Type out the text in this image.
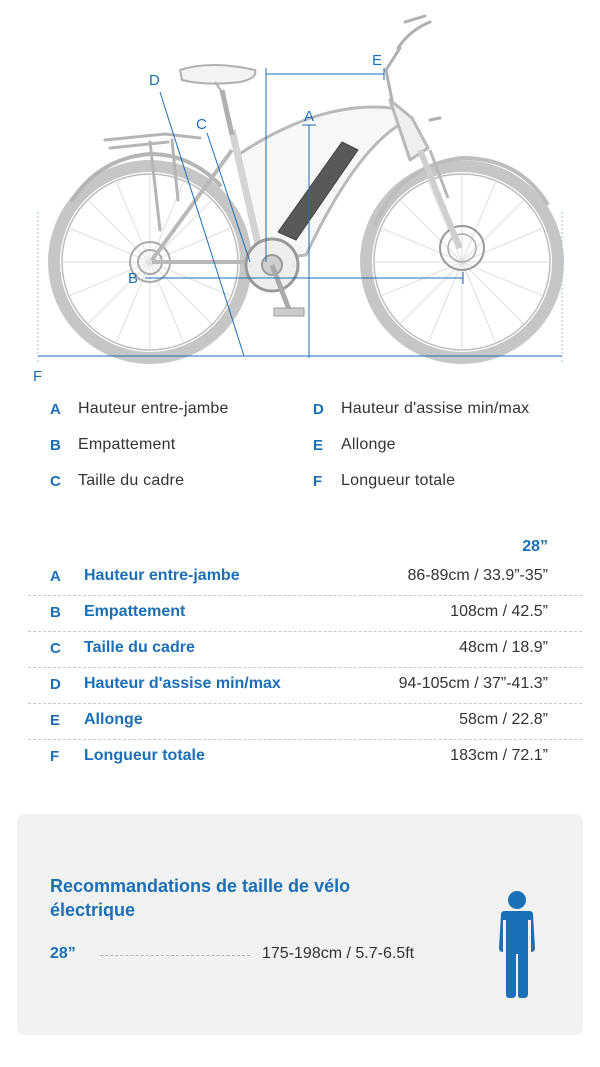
A
B
C
D
E
F
A	Hauteur entre-jambe
B	Empattement
C	Taille du cadre
D	Hauteur d'assise min/max
E	Allonge
F	Longueur totale
28”
A	Hauteur entre-jambe	86-89cm / 33.9”-35”
B	Empattement	108cm / 42.5”
C	Taille du cadre	48cm / 18.9”
D	Hauteur d'assise min/max	94-105cm / 37”-41.3”
E	Allonge	58cm / 22.8”
F	Longueur totale	183cm / 72.1”
Recommandations de taille de vélo électrique
28”	175-198cm / 5.7-6.5ft
